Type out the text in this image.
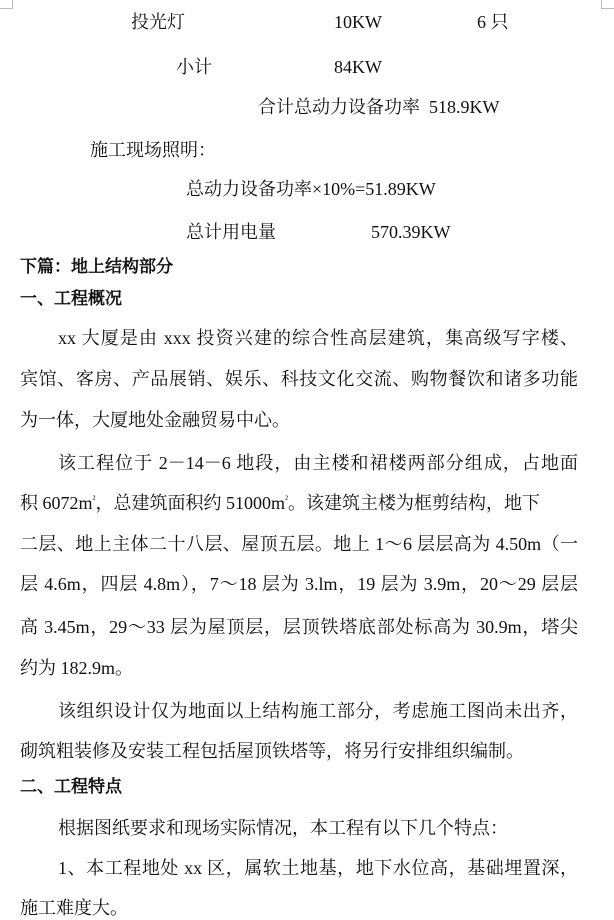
投光灯	10KW	6 只
小计	84KW
合计总动力设备功率  518.9KW
施工现场照明：
总动力设备功率×10%=51.89KW
总计用电量	570.39KW
下篇：地上结构部分
一、工程概况
xx 大厦是由 xxx 投资兴建的综合性高层建筑，集高级写字楼、
宾馆、客房、产品展销、娱乐、科技文化交流、购物餐饮和诸多功能
为一体，大厦地处金融贸易中心。
该工程位于 2－14－6 地段，由主楼和裙楼两部分组成，占地面
积 $6072m^{^2}$，总建筑面积约 $51000m^{^2}$。该建筑主楼为框剪结构，地下
二层、地上主体二十八层、屋顶五层。地上 1～6 层层高为 4.50m（一
层 4.6m，四层 4.8m），7～18 层为 3.lm，19 层为 3.9m，20～29 层层
高 3.45m，29～33 层为屋顶层，层顶铁塔底部处标高为 30.9m，塔尖
约为 182.9m。
该组织设计仅为地面以上结构施工部分，考虑施工图尚未出齐，
砌筑粗装修及安装工程包括屋顶铁塔等，将另行安排组织编制。
二、工程特点
根据图纸要求和现场实际情况，本工程有以下几个特点：
1、本工程地处 xx 区，属软土地基，地下水位高，基础埋置深，
施工难度大。
